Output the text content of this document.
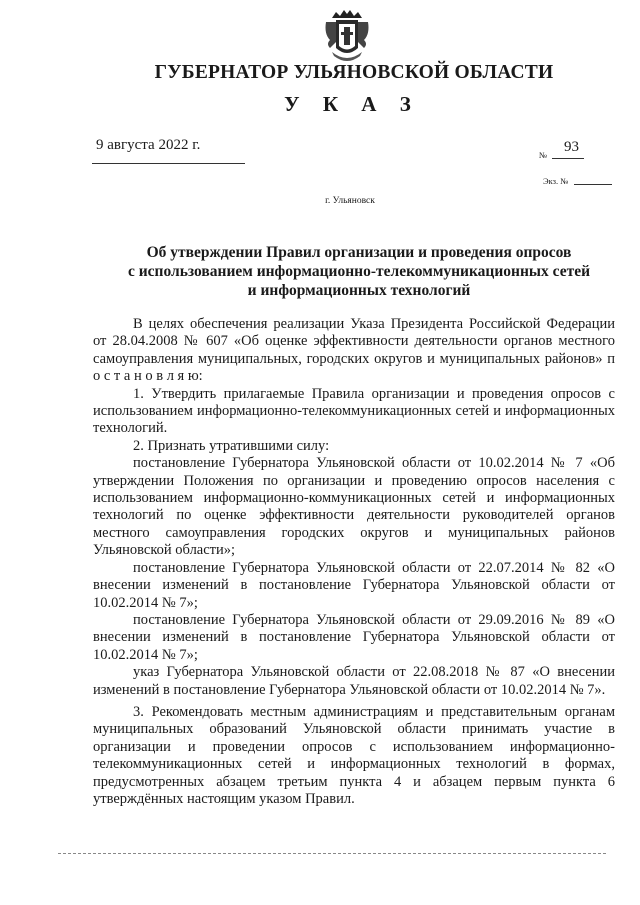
ГУБЕРНАТОР УЛЬЯНОВСКОЙ ОБЛАСТИ
У К А З
9 августа 2022 г.
№ 93
Экз. №
г. Ульяновск
Об утверждении Правил организации и проведения опросов
с использованием информационно-телекоммуникационных сетей
и информационных технологий

В целях обеспечения реализации Указа Президента Российской Федерации от 28.04.2008 № 607 «Об оценке эффективности деятельности органов местного самоуправления муниципальных, городских округов и муниципальных районов» п о с т а н о в л я ю:

1. Утвердить прилагаемые Правила организации и проведения опросов с использованием информационно-телекоммуникационных сетей и информационных технологий.

2. Признать утратившими силу:

постановление Губернатора Ульяновской области от 10.02.2014 № 7 «Об утверждении Положения по организации и проведению опросов населения с использованием информационно-коммуникационных сетей и информационных технологий по оценке эффективности деятельности руководителей органов местного самоуправления городских округов и муниципальных районов Ульяновской области»;

постановление Губернатора Ульяновской области от 22.07.2014 № 82 «О внесении изменений в постановление Губернатора Ульяновской области от 10.02.2014 № 7»;

постановление Губернатора Ульяновской области от 29.09.2016 № 89 «О внесении изменений в постановление Губернатора Ульяновской области от 10.02.2014 № 7»;

указ Губернатора Ульяновской области от 22.08.2018 № 87 «О внесении изменений в постановление Губернатора Ульяновской области от 10.02.2014 № 7».

3. Рекомендовать местным администрациям и представительным органам муниципальных образований Ульяновской области принимать участие в организации и проведении опросов с использованием информационно-телекоммуникационных сетей и информационных технологий в формах, предусмотренных абзацем третьим пункта 4 и абзацем первым пункта 6 утверждённых настоящим указом Правил.
